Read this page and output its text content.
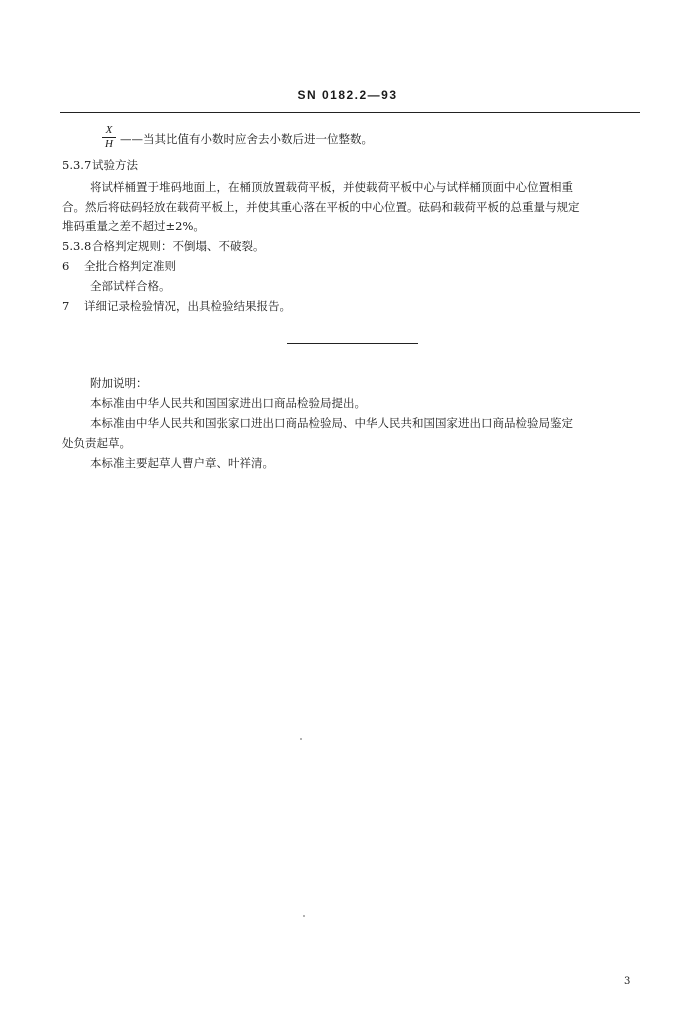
SN 0182.2—93
X
H ——当其比值有小数时应舍去小数后进一位整数。
5.3.7试验方法
将试样桶置于堆码地面上，在桶顶放置载荷平板，并使载荷平板中心与试样桶顶面中心位置相重
合。然后将砝码轻放在载荷平板上，并使其重心落在平板的中心位置。砝码和载荷平板的总重量与规定
堆码重量之差不超过±2%。
5.3.8合格判定规则：不倒塌、不破裂。
6 全批合格判定准则
全部试样合格。
7 详细记录检验情况，出具检验结果报告。
附加说明：
本标准由中华人民共和国国家进出口商品检验局提出。
本标准由中华人民共和国张家口进出口商品检验局、中华人民共和国国家进出口商品检验局鉴定
处负责起草。
本标准主要起草人曹户章、叶祥清。
3
